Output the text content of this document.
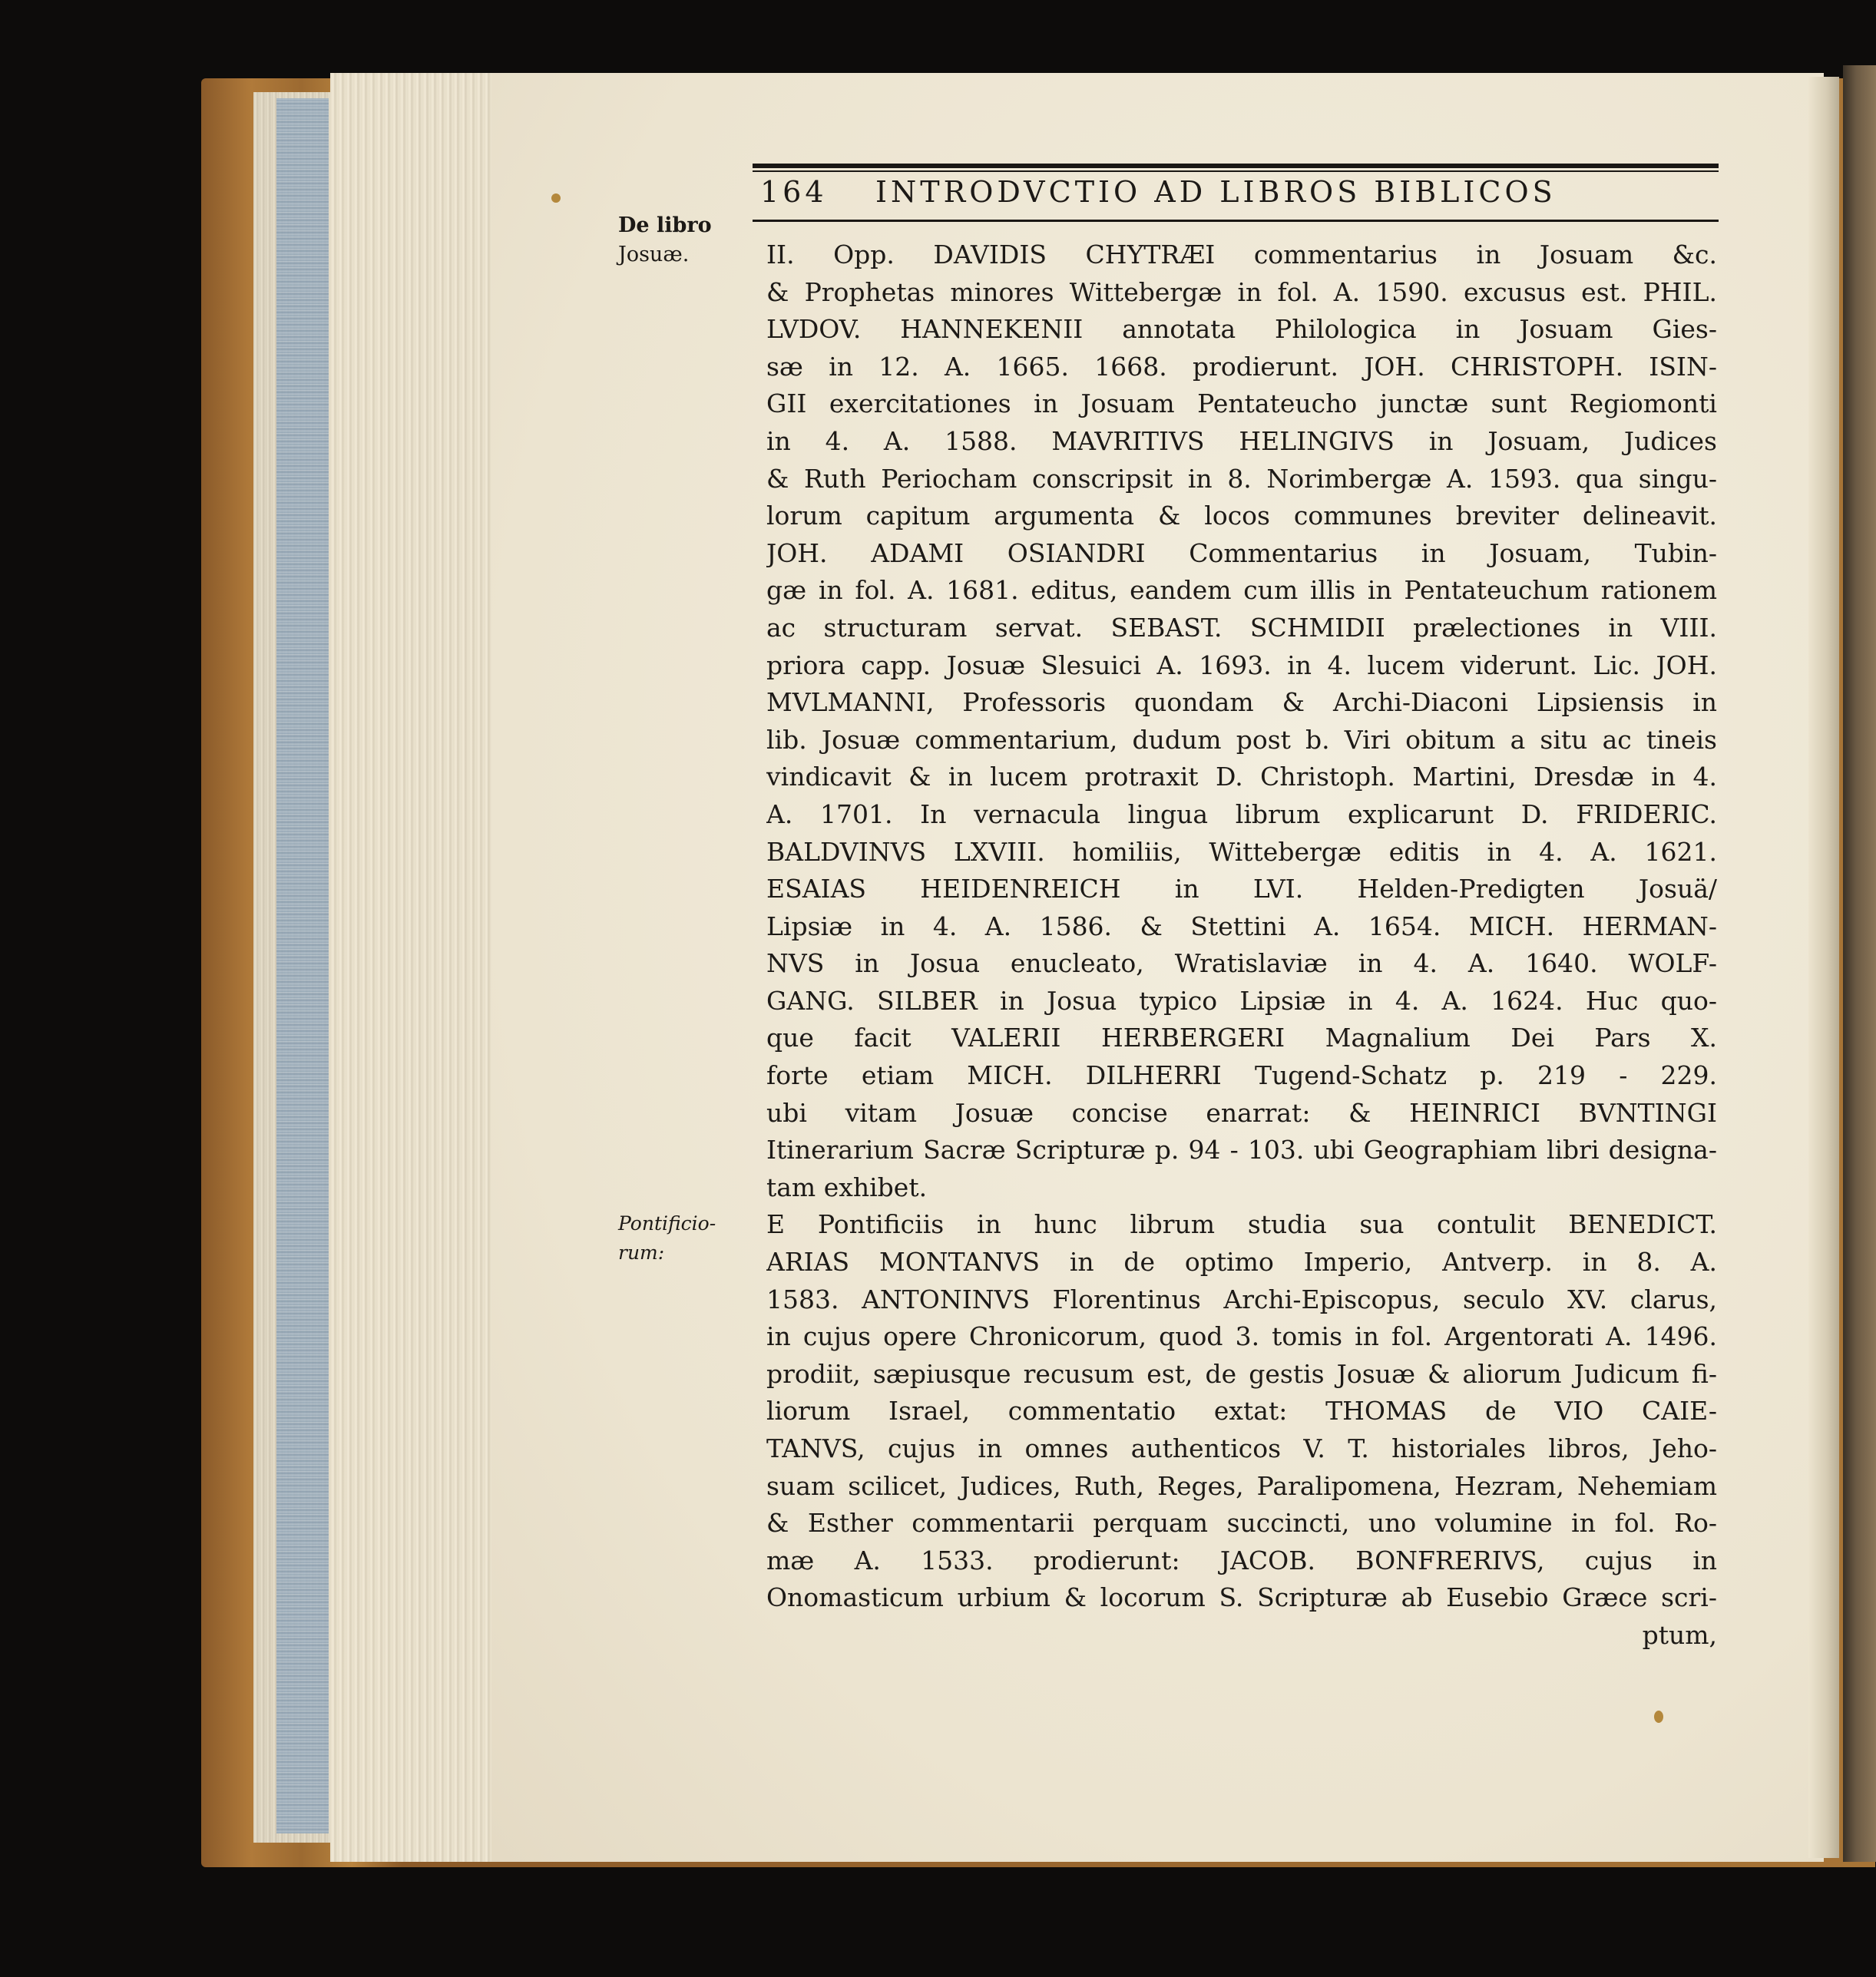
164 INTRODVCTIO AD LIBROS BIBLICOS
De libro
Josuæ.
Pontificio-
rum:
II. Opp. DAVIDIS CHYTRÆI commentarius in Josuam &c.
& Prophetas minores Wittebergæ in fol. A. 1590. excusus est. PHIL.
LVDOV. HANNEKENII annotata Philologica in Josuam Gies-
sæ in 12. A. 1665. 1668. prodierunt. JOH. CHRISTOPH. ISIN-
GII exercitationes in Josuam Pentateucho junctæ sunt Regiomonti
in 4. A. 1588. MAVRITIVS HELINGIVS in Josuam, Judices
& Ruth Periocham conscripsit in 8. Norimbergæ A. 1593. qua singu-
lorum capitum argumenta & locos communes breviter delineavit.
JOH. ADAMI OSIANDRI Commentarius in Josuam, Tubin-
gæ in fol. A. 1681. editus, eandem cum illis in Pentateuchum rationem
ac structuram servat. SEBAST. SCHMIDII prælectiones in VIII.
priora capp. Josuæ Slesuici A. 1693. in 4. lucem viderunt. Lic. JOH.
MVLMANNI, Professoris quondam & Archi-Diaconi Lipsiensis in
lib. Josuæ commentarium, dudum post b. Viri obitum a situ ac tineis
vindicavit & in lucem protraxit D. Christoph. Martini, Dresdæ in 4.
A. 1701. In vernacula lingua librum explicarunt D. FRIDERIC.
BALDVINVS LXVIII. homiliis, Wittebergæ editis in 4. A. 1621.
ESAIAS HEIDENREICH in LVI. Helden-Predigten Josuä/
Lipsiæ in 4. A. 1586. & Stettini A. 1654. MICH. HERMAN-
NVS in Josua enucleato, Wratislaviæ in 4. A. 1640. WOLF-
GANG. SILBER in Josua typico Lipsiæ in 4. A. 1624. Huc quo-
que facit VALERII HERBERGERI Magnalium Dei Pars X.
forte etiam MICH. DILHERRI Tugend-Schatz p. 219 - 229.
ubi vitam Josuæ concise enarrat: & HEINRICI BVNTINGI
Itinerarium Sacræ Scripturæ p. 94 - 103. ubi Geographiam libri designa-
tam exhibet.
E Pontificiis in hunc librum studia sua contulit BENEDICT.
ARIAS MONTANVS in de optimo Imperio, Antverp. in 8. A.
1583. ANTONINVS Florentinus Archi-Episcopus, seculo XV. clarus,
in cujus opere Chronicorum, quod 3. tomis in fol. Argentorati A. 1496.
prodiit, sæpiusque recusum est, de gestis Josuæ & aliorum Judicum fi-
liorum Israel, commentatio extat: THOMAS de VIO CAIE-
TANVS, cujus in omnes authenticos V. T. historiales libros, Jeho-
suam scilicet, Judices, Ruth, Reges, Paralipomena, Hezram, Nehemiam
& Esther commentarii perquam succincti, uno volumine in fol. Ro-
mæ A. 1533. prodierunt: JACOB. BONFRERIVS, cujus in
Onomasticum urbium & locorum S. Scripturæ ab Eusebio Græce scri-
ptum,
